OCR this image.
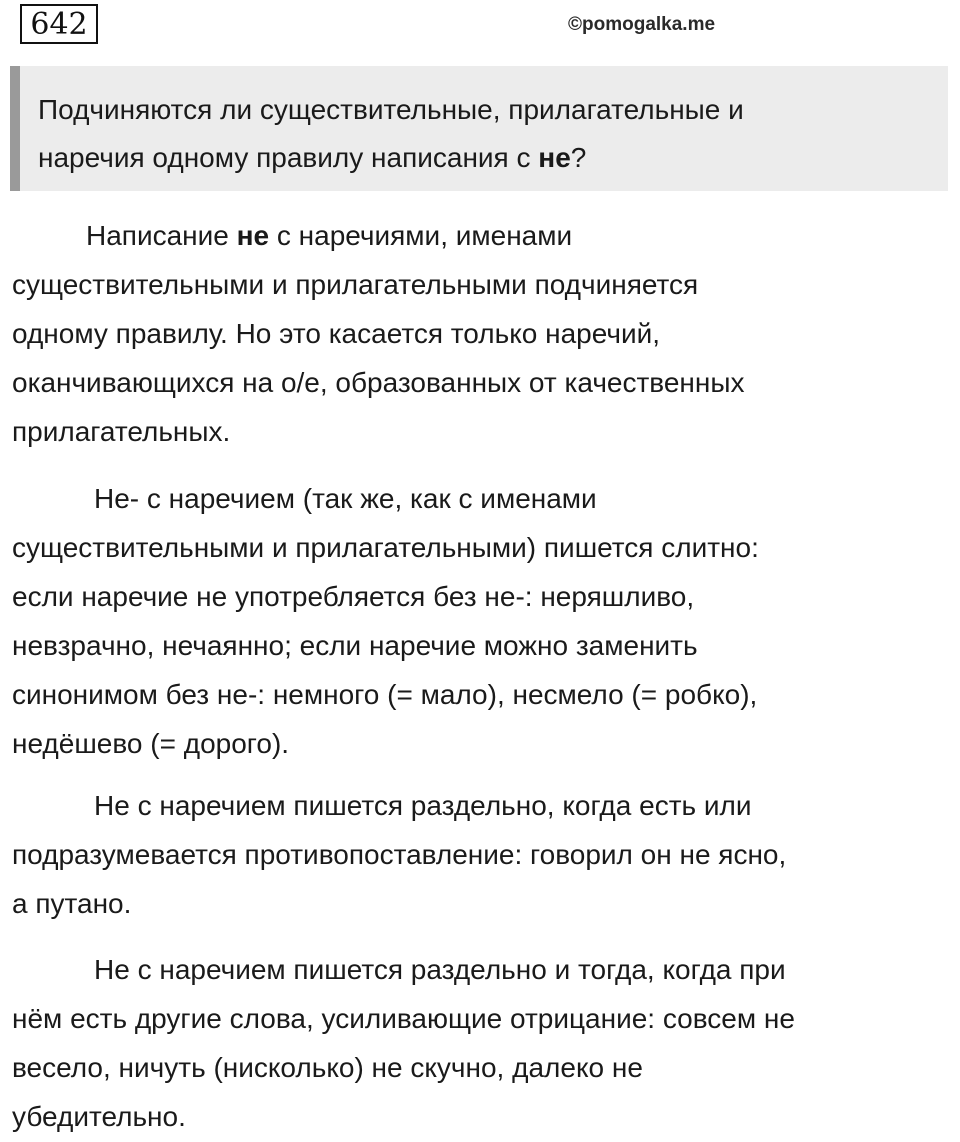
642	©pomogalka.me
Подчиняются ли существительные, прилагательные и
наречия одному правилу написания с не?
Написание не с наречиями, именами
существительными и прилагательными подчиняется
одному правилу. Но это касается только наречий,
оканчивающихся на о/е, образованных от качественных
прилагательных.
Не- с наречием (так же, как с именами
существительными и прилагательными) пишется слитно:
если наречие не употребляется без не-: неряшливо,
невзрачно, нечаянно; если наречие можно заменить
синонимом без не-: немного (= мало), несмело (= робко),
недёшево (= дорого).
Не с наречием пишется раздельно, когда есть или
подразумевается противопоставление: говорил он не ясно,
а путано.
Не с наречием пишется раздельно и тогда, когда при
нём есть другие слова, усиливающие отрицание: совсем не
весело, ничуть (нисколько) не скучно, далеко не
убедительно.
